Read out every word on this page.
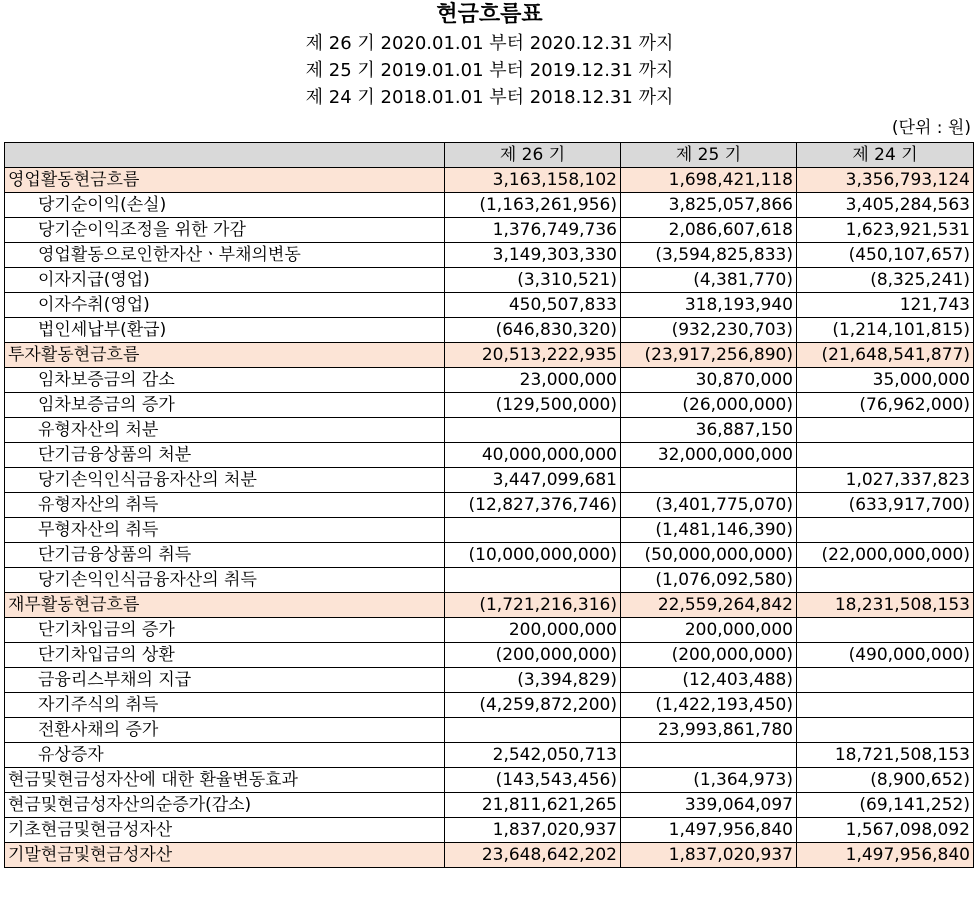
현금흐름표
제 26 기 2020.01.01 부터 2020.12.31 까지
제 25 기 2019.01.01 부터 2019.12.31 까지
제 24 기 2018.01.01 부터 2018.12.31 까지
(단위 : 원)
	제 26 기	제 25 기	제 24 기
영업활동현금흐름	3,163,158,102	1,698,421,118	3,356,793,124
당기순이익(손실)	(1,163,261,956)	3,825,057,866	3,405,284,563
당기순이익조정을 위한 가감	1,376,749,736	2,086,607,618	1,623,921,531
영업활동으로인한자산ㆍ부채의변동	3,149,303,330	(3,594,825,833)	(450,107,657)
이자지급(영업)	(3,310,521)	(4,381,770)	(8,325,241)
이자수취(영업)	450,507,833	318,193,940	121,743
법인세납부(환급)	(646,830,320)	(932,230,703)	(1,214,101,815)
투자활동현금흐름	20,513,222,935	(23,917,256,890)	(21,648,541,877)
임차보증금의 감소	23,000,000	30,870,000	35,000,000
임차보증금의 증가	(129,500,000)	(26,000,000)	(76,962,000)
유형자산의 처분		36,887,150	
단기금융상품의 처분	40,000,000,000	32,000,000,000	
당기손익인식금융자산의 처분	3,447,099,681		1,027,337,823
유형자산의 취득	(12,827,376,746)	(3,401,775,070)	(633,917,700)
무형자산의 취득		(1,481,146,390)	
단기금융상품의 취득	(10,000,000,000)	(50,000,000,000)	(22,000,000,000)
당기손익인식금융자산의 취득		(1,076,092,580)	
재무활동현금흐름	(1,721,216,316)	22,559,264,842	18,231,508,153
단기차입금의 증가	200,000,000	200,000,000	
단기차입금의 상환	(200,000,000)	(200,000,000)	(490,000,000)
금융리스부채의 지급	(3,394,829)	(12,403,488)	
자기주식의 취득	(4,259,872,200)	(1,422,193,450)	
전환사채의 증가		23,993,861,780	
유상증자	2,542,050,713		18,721,508,153
현금및현금성자산에 대한 환율변동효과	(143,543,456)	(1,364,973)	(8,900,652)
현금및현금성자산의순증가(감소)	21,811,621,265	339,064,097	(69,141,252)
기초현금및현금성자산	1,837,020,937	1,497,956,840	1,567,098,092
기말현금및현금성자산	23,648,642,202	1,837,020,937	1,497,956,840
